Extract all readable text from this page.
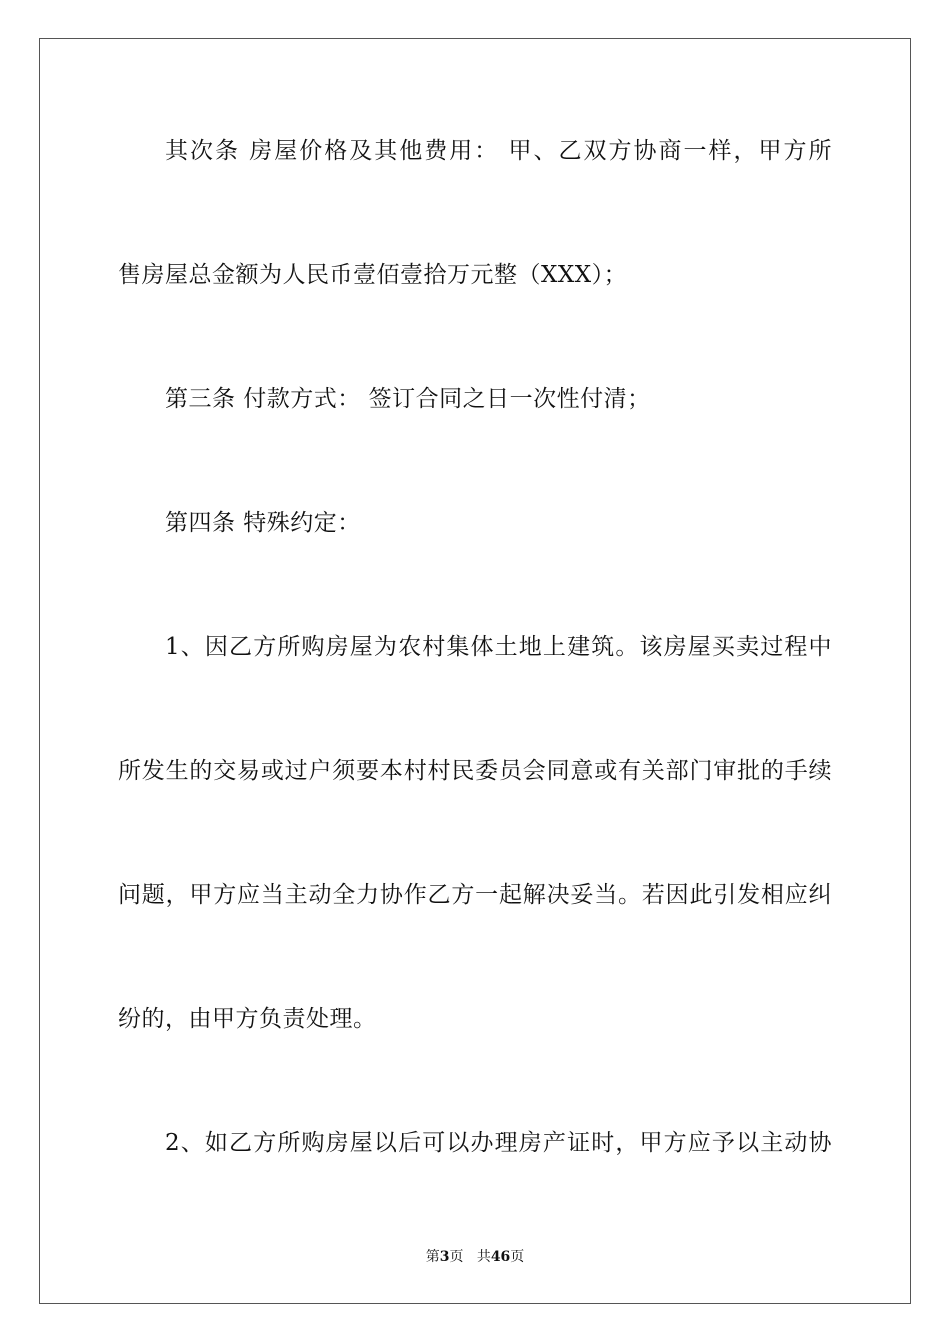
其次条 房屋价格及其他费用： 甲、乙双方协商一样，甲方所
售房屋总金额为人民币壹佰壹拾万元整（XXX）；
第三条 付款方式： 签订合同之日一次性付清；
第四条 特殊约定：
1、因乙方所购房屋为农村集体土地上建筑。该房屋买卖过程中
所发生的交易或过户须要本村村民委员会同意或有关部门审批的手续
问题，甲方应当主动全力协作乙方一起解决妥当。若因此引发相应纠
纷的，由甲方负责处理。
2、如乙方所购房屋以后可以办理房产证时，甲方应予以主动协
第3页 共46页
